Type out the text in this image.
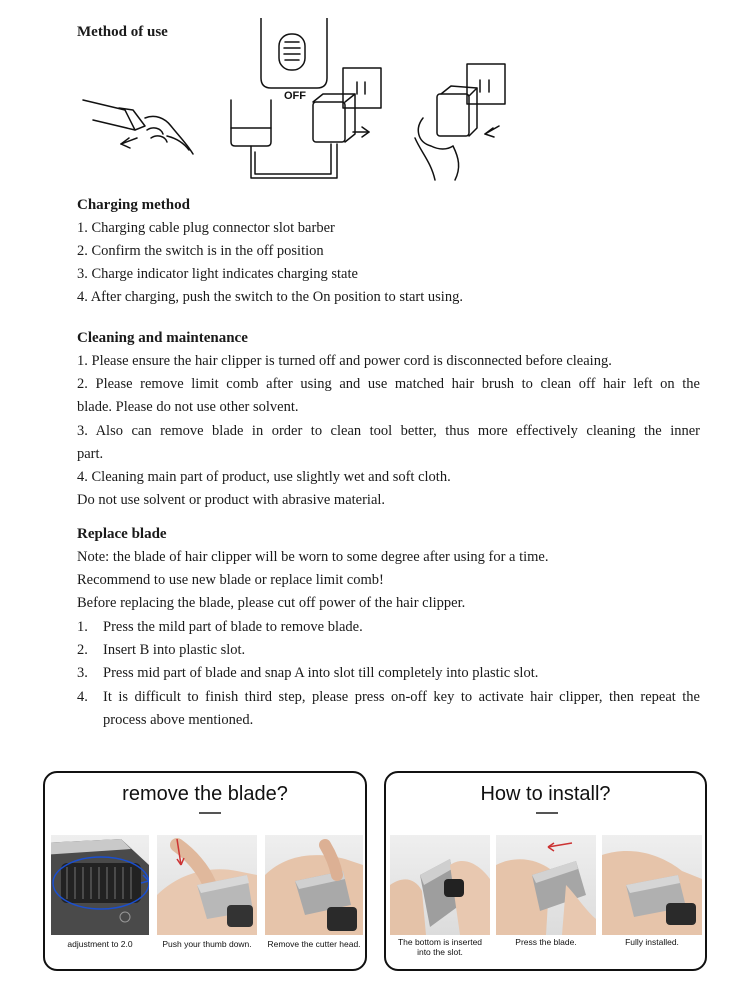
Method of use
OFF
Charging method
1. Charging cable plug connector slot barber
2. Confirm the switch is in the off position
3. Charge indicator light indicates charging state
4. After charging, push the switch to the On position to start using.
Cleaning and maintenance
1. Please ensure the hair clipper is turned off and power cord is disconnected before cleaing.
2. Please remove limit comb after using and use matched hair brush to clean off hair left on the
blade. Please do not use other solvent.
3. Also can remove blade in order to clean tool better, thus more effectively cleaning the inner
part.
4. Cleaning main part of product, use slightly wet and soft cloth.
Do not use solvent or product with abrasive material.
Replace blade
Note: the blade of hair clipper will be worn to some degree after using for a time.
Recommend to use new blade or replace limit comb!
Before replacing the blade, please cut off power of the hair clipper.
1. Press the mild part of blade to remove blade.
2. Insert B into plastic slot.
3. Press mid part of blade and snap A into slot till completely into plastic slot.
4. It is difficult to finish third step, please press on-off key to activate hair clipper, then repeat the
process above mentioned.
remove the blade?
adjustment to 2.0	Push your thumb down.	Remove the cutter head.
How to install?
The bottom is inserted into the slot.
Press the blade.	Fully installed.
